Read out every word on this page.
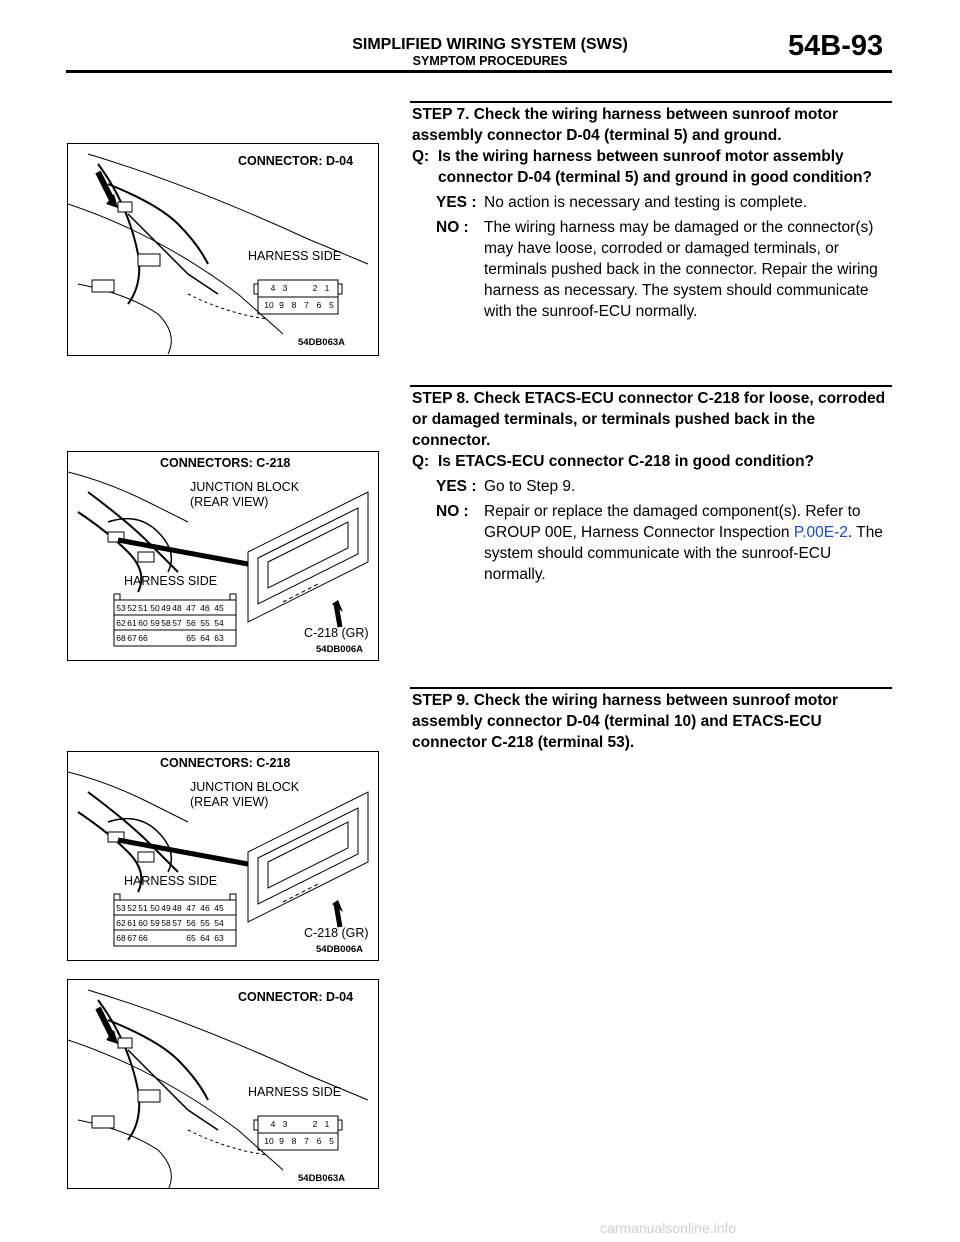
SIMPLIFIED WIRING SYSTEM (SWS)
SYMPTOM PROCEDURES	54B-93
STEP 7. Check the wiring harness between sunroof motor assembly connector D-04 (terminal 5) and ground.
Q: Is the wiring harness between sunroof motor assembly connector D-04 (terminal 5) and ground in good condition?
YES : No action is necessary and testing is complete.
NO : The wiring harness may be damaged or the connector(s) may have loose, corroded or damaged terminals, or terminals pushed back in the connector. Repair the wiring harness as necessary. The system should communicate with the sunroof-ECU normally.
STEP 8. Check ETACS-ECU connector C-218 for loose, corroded or damaged terminals, or terminals pushed back in the connector.
Q: Is ETACS-ECU connector C-218 in good condition?
YES : Go to Step 9.
NO : Repair or replace the damaged component(s). Refer to GROUP 00E, Harness Connector Inspection P.00E-2. The system should communicate with the sunroof-ECU normally.
STEP 9. Check the wiring harness between sunroof motor assembly connector D-04 (terminal 10) and ETACS-ECU connector C-218 (terminal 53).
CONNECTOR: D-04
HARNESS SIDE
54DB063A
4 3	2 1
10 9 8 7 6 5
CONNECTORS: C-218
JUNCTION BLOCK
(REAR VIEW)
HARNESS SIDE
C-218 (GR)
54DB006A
53 52 51 50 49 48 47 46 45
62 61 60 59 58 57 56 55 54
68 67 66	65 64 63
CONNECTORS: C-218
JUNCTION BLOCK
(REAR VIEW)
HARNESS SIDE
C-218 (GR)
54DB006A
53 52 51 50 49 48 47 46 45
62 61 60 59 58 57 56 55 54
68 67 66	65 64 63
CONNECTOR: D-04
HARNESS SIDE
54DB063A
4 3	2 1
10 9 8 7 6 5
carmanualsonline.info
